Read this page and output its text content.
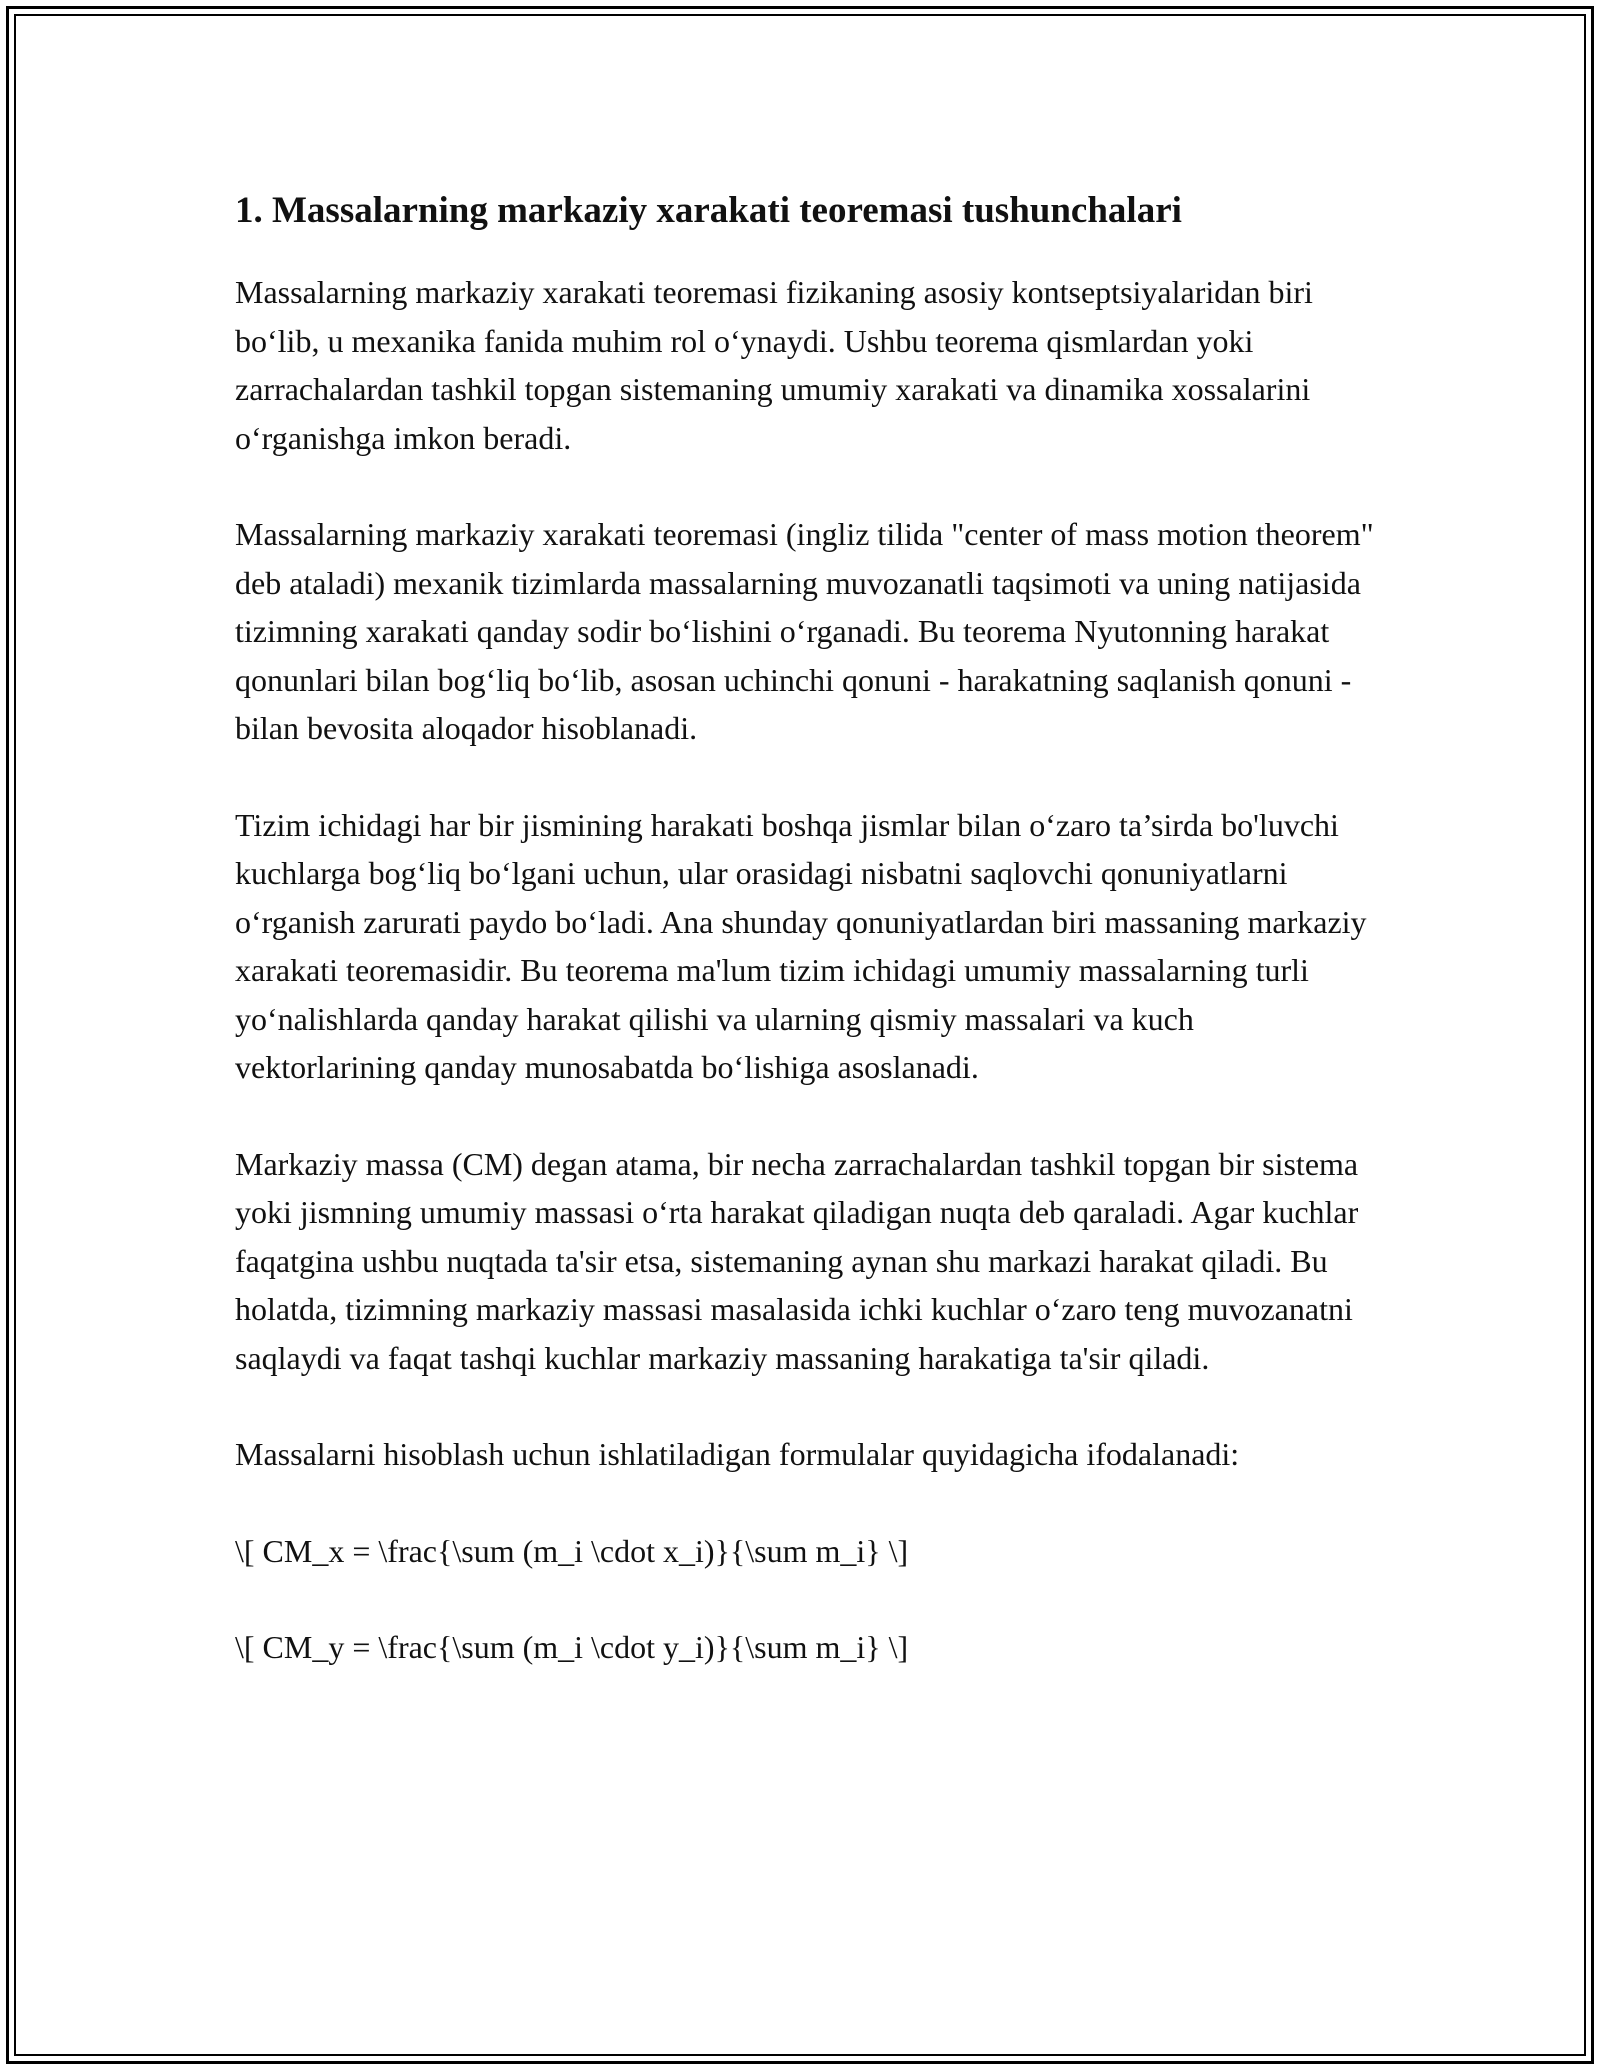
1. Massalarning markaziy xarakati teoremasi tushunchalari

Massalarning markaziy xarakati teoremasi fizikaning asosiy kontseptsiyalaridan biri bo‘lib, u mexanika fanida muhim rol o‘ynaydi. Ushbu teorema qismlardan yoki zarrachalardan tashkil topgan sistemaning umumiy xarakati va dinamika xossalarini o‘rganishga imkon beradi.

Massalarning markaziy xarakati teoremasi (ingliz tilida "center of mass motion theorem" deb ataladi) mexanik tizimlarda massalarning muvozanatli taqsimoti va uning natijasida tizimning xarakati qanday sodir bo‘lishini o‘rganadi. Bu teorema Nyutonning harakat qonunlari bilan bog‘liq bo‘lib, asosan uchinchi qonuni - harakatning saqlanish qonuni - bilan bevosita aloqador hisoblanadi.

Tizim ichidagi har bir jismining harakati boshqa jismlar bilan o‘zaro ta’sirda bo'luvchi kuchlarga bog‘liq bo‘lgani uchun, ular orasidagi nisbatni saqlovchi qonuniyatlarni o‘rganish zarurati paydo bo‘ladi. Ana shunday qonuniyatlardan biri massaning markaziy xarakati teoremasidir. Bu teorema ma'lum tizim ichidagi umumiy massalarning turli yo‘nalishlarda qanday harakat qilishi va ularning qismiy massalari va kuch vektorlarining qanday munosabatda bo‘lishiga asoslanadi.

Markaziy massa (CM) degan atama, bir necha zarrachalardan tashkil topgan bir sistema yoki jismning umumiy massasi o‘rta harakat qiladigan nuqta deb qaraladi. Agar kuchlar faqatgina ushbu nuqtada ta'sir etsa, sistemaning aynan shu markazi harakat qiladi. Bu holatda, tizimning markaziy massasi masalasida ichki kuchlar o‘zaro teng muvozanatni saqlaydi va faqat tashqi kuchlar markaziy massaning harakatiga ta'sir qiladi.

Massalarni hisoblash uchun ishlatiladigan formulalar quyidagicha ifodalanadi:

\[ CM_x = \frac{\sum (m_i \cdot x_i)}{\sum m_i} \]
\[ CM_y = \frac{\sum (m_i \cdot y_i)}{\sum m_i} \]
